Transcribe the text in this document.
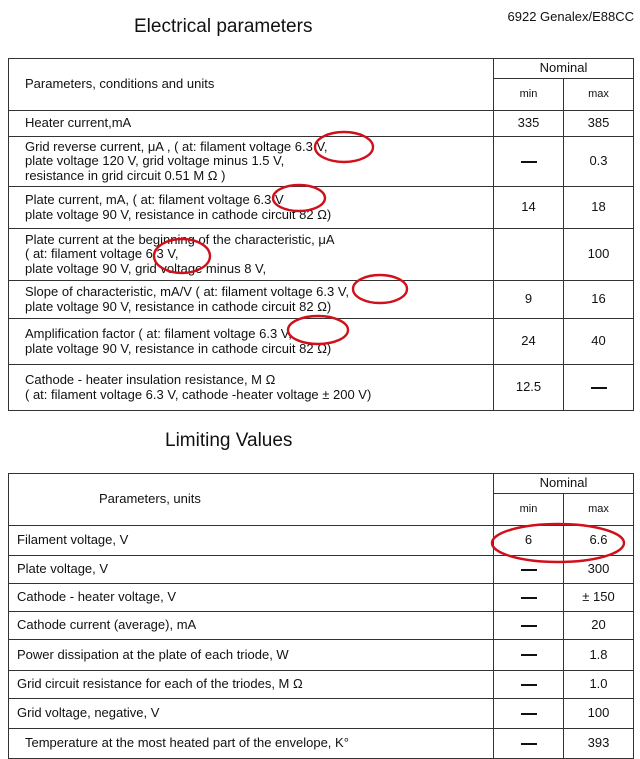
6922 Genalex/E88CC
Electrical parameters
Parameters, conditions and units	Nominal	
	min	max

Heater current,mA	335	385

Grid reverse current, μA , ( at: filament voltage 6.3 V,
plate voltage 120 V, grid voltage minus 1.5 V,
resistance in grid circuit 0.51 M Ω )		0.3

Plate current, mA, ( at: filament voltage 6.3 V
plate voltage 90 V, resistance in cathode circuit 82 Ω)	14	18

Plate current at the beginning of the characteristic, μA
( at: filament voltage 6.3 V,
plate voltage 90 V, grid voltage minus 8 V,		100

Slope of characteristic, mA/V ( at: filament voltage 6.3 V,
plate voltage 90 V, resistance in cathode circuit 82 Ω)	9	16

Amplification factor ( at: filament voltage 6.3 V,
plate voltage 90 V, resistance in cathode circuit 82 Ω)	24	40

Cathode - heater insulation resistance, M Ω
( at: filament voltage 6.3 V, cathode -heater voltage ± 200 V)	12.5	
Limiting Values
Parameters, units	Nominal	
	min	max
Filament voltage, V	6	6.6
Plate voltage, V		300
Cathode - heater voltage, V		± 150
Cathode current (average), mA		20
Power dissipation at the plate of each triode, W		1.8
Grid circuit resistance for each of the triodes, M Ω		1.0
Grid voltage, negative, V		100
Temperature at the most heated part of the envelope, K°		393
